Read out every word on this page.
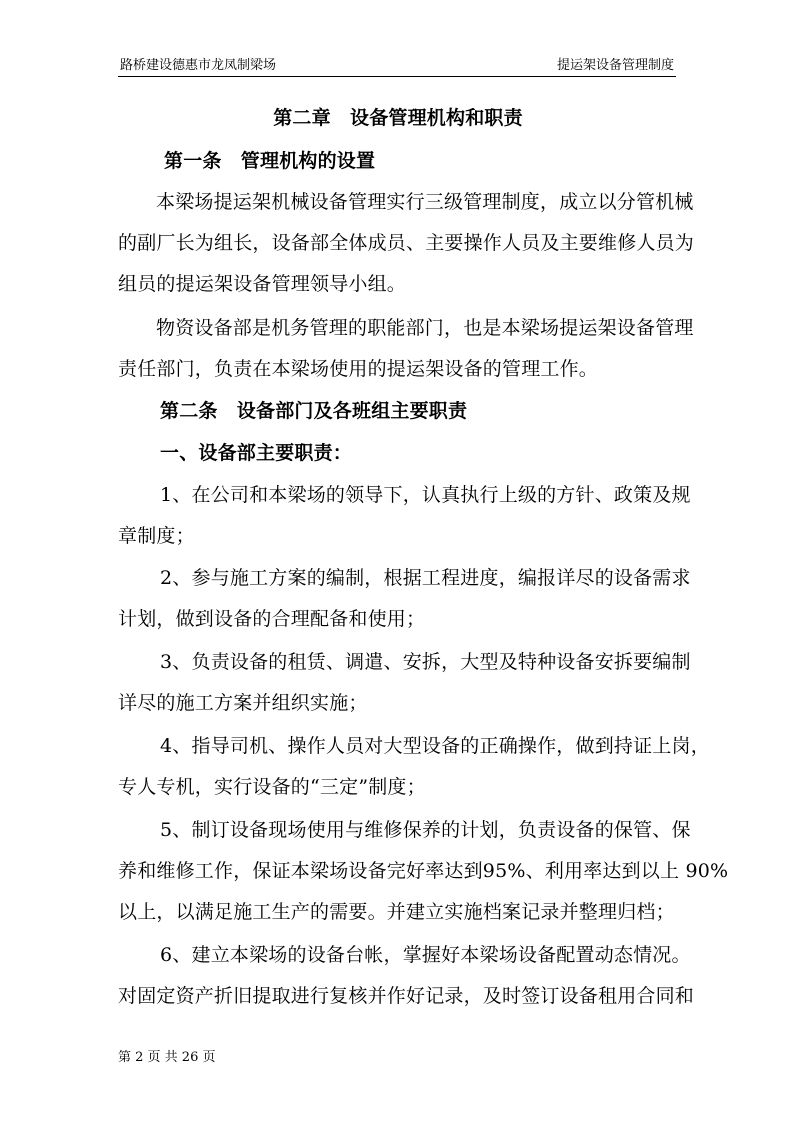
路桥建设德惠市龙凤制梁场	提运架设备管理制度
第二章　设备管理机构和职责
第一条　管理机构的设置
本梁场提运架机械设备管理实行三级管理制度，成立以分管机械
的副厂长为组长，设备部全体成员、主要操作人员及主要维修人员为
组员的提运架设备管理领导小组。
物资设备部是机务管理的职能部门，也是本梁场提运架设备管理
责任部门，负责在本梁场使用的提运架设备的管理工作。
第二条　设备部门及各班组主要职责
一、设备部主要职责：
1、在公司和本梁场的领导下，认真执行上级的方针、政策及规
章制度；
2、参与施工方案的编制，根据工程进度，编报详尽的设备需求
计划，做到设备的合理配备和使用；
3、负责设备的租赁、调遣、安拆，大型及特种设备安拆要编制
详尽的施工方案并组织实施；
4、指导司机、操作人员对大型设备的正确操作，做到持证上岗，
专人专机，实行设备的“三定”制度；
5、制订设备现场使用与维修保养的计划，负责设备的保管、保
养和维修工作，保证本梁场设备完好率达到95%、利用率达到以上 90%
以上，以满足施工生产的需要。并建立实施档案记录并整理归档；
6、建立本梁场的设备台帐，掌握好本梁场设备配置动态情况。
对固定资产折旧提取进行复核并作好记录，及时签订设备租用合同和
第 2 页 共 26 页
